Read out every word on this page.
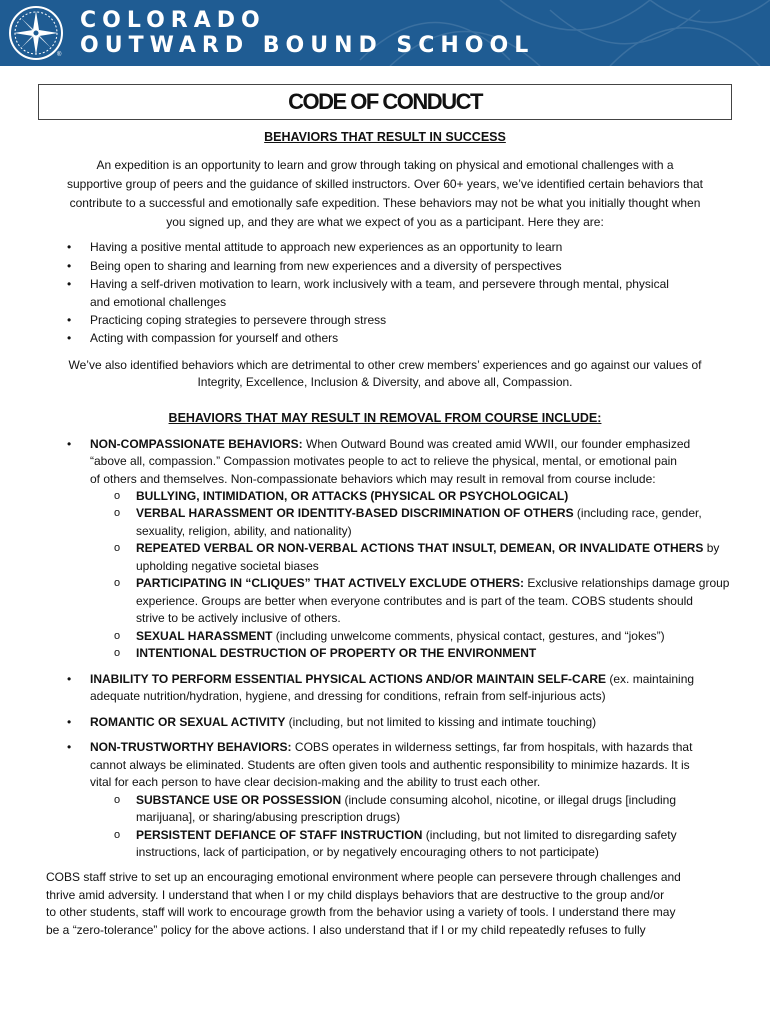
®
COLORADO
OUTWARD BOUND SCHOOL
CODE OF CONDUCT
BEHAVIORS THAT RESULT IN SUCCESS
An expedition is an opportunity to learn and grow through taking on physical and emotional challenges with a
supportive group of peers and the guidance of skilled instructors. Over 60+ years, we’ve identified certain behaviors that
contribute to a successful and emotionally safe expedition. These behaviors may not be what you initially thought when
you signed up, and they are what we expect of you as a participant. Here they are:
• Having a positive mental attitude to approach new experiences as an opportunity to learn
• Being open to sharing and learning from new experiences and a diversity of perspectives
• Having a self-driven motivation to learn, work inclusively with a team, and persevere through mental, physical
and emotional challenges
• Practicing coping strategies to persevere through stress
• Acting with compassion for yourself and others
We’ve also identified behaviors which are detrimental to other crew members’ experiences and go against our values of
Integrity, Excellence, Inclusion & Diversity, and above all, Compassion.
BEHAVIORS THAT MAY RESULT IN REMOVAL FROM COURSE INCLUDE:
• NON-COMPASSIONATE BEHAVIORS: When Outward Bound was created amid WWII, our founder emphasized
“above all, compassion.” Compassion motivates people to act to relieve the physical, mental, or emotional pain
of others and themselves. Non-compassionate behaviors which may result in removal from course include:
o BULLYING, INTIMIDATION, OR ATTACKS (PHYSICAL OR PSYCHOLOGICAL)
o VERBAL HARASSMENT OR IDENTITY-BASED DISCRIMINATION OF OTHERS (including race, gender,
sexuality, religion, ability, and nationality)
o REPEATED VERBAL OR NON-VERBAL ACTIONS THAT INSULT, DEMEAN, OR INVALIDATE OTHERS by
upholding negative societal biases
o PARTICIPATING IN “CLIQUES” THAT ACTIVELY EXCLUDE OTHERS: Exclusive relationships damage group
experience. Groups are better when everyone contributes and is part of the team. COBS students should
strive to be actively inclusive of others.
o SEXUAL HARASSMENT (including unwelcome comments, physical contact, gestures, and “jokes”)
o INTENTIONAL DESTRUCTION OF PROPERTY OR THE ENVIRONMENT
• INABILITY TO PERFORM ESSENTIAL PHYSICAL ACTIONS AND/OR MAINTAIN SELF-CARE (ex. maintaining
adequate nutrition/hydration, hygiene, and dressing for conditions, refrain from self-injurious acts)
• ROMANTIC OR SEXUAL ACTIVITY (including, but not limited to kissing and intimate touching)
• NON-TRUSTWORTHY BEHAVIORS: COBS operates in wilderness settings, far from hospitals, with hazards that
cannot always be eliminated. Students are often given tools and authentic responsibility to minimize hazards. It is
vital for each person to have clear decision-making and the ability to trust each other.
o SUBSTANCE USE OR POSSESSION (include consuming alcohol, nicotine, or illegal drugs [including
marijuana], or sharing/abusing prescription drugs)
o PERSISTENT DEFIANCE OF STAFF INSTRUCTION (including, but not limited to disregarding safety
instructions, lack of participation, or by negatively encouraging others to not participate)
COBS staff strive to set up an encouraging emotional environment where people can persevere through challenges and
thrive amid adversity. I understand that when I or my child displays behaviors that are destructive to the group and/or
to other students, staff will work to encourage growth from the behavior using a variety of tools. I understand there may
be a “zero-tolerance” policy for the above actions. I also understand that if I or my child repeatedly refuses to fully
